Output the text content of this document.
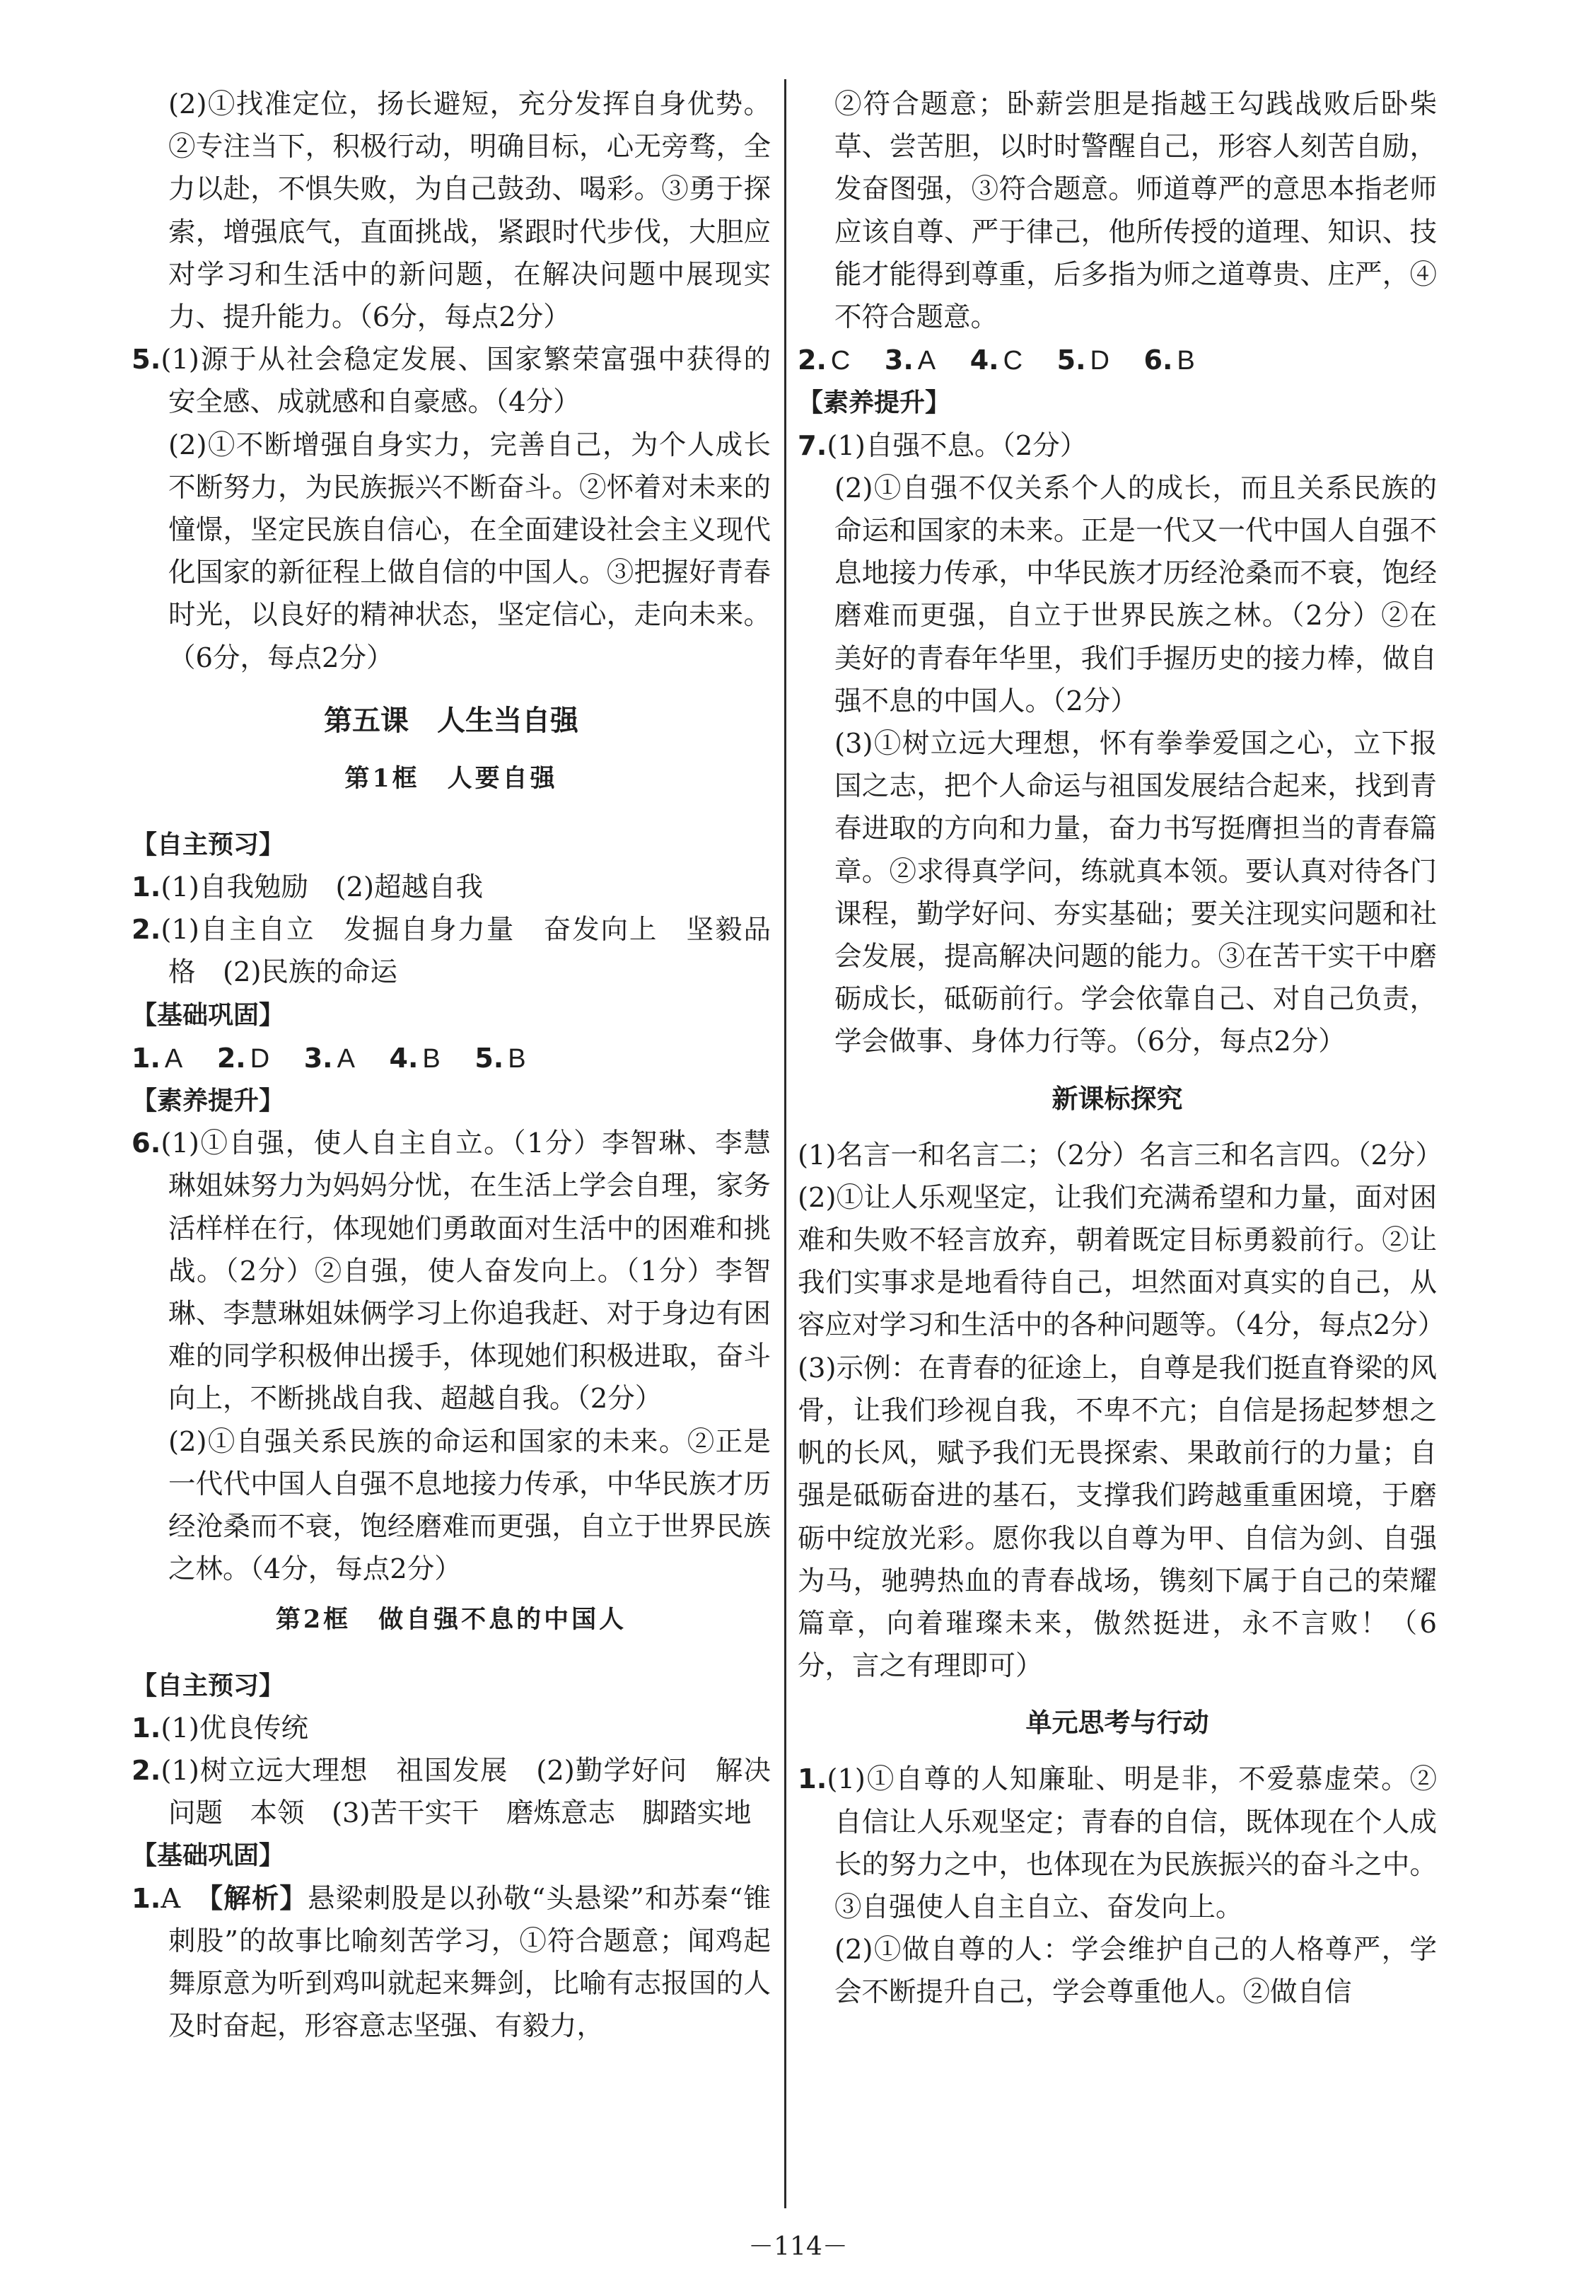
(2)①找准定位，扬长避短，充分发挥自身优势。②专注当下，积极行动，明确目标，心无旁骛，全力以赴，不惧失败，为自己鼓劲、喝彩。③勇于探索，增强底气，直面挑战，紧跟时代步伐，大胆应对学习和生活中的新问题，在解决问题中展现实力、提升能力。（6分，每点2分）

5.(1)源于从社会稳定发展、国家繁荣富强中获得的安全感、成就感和自豪感。（4分）

(2)①不断增强自身实力，完善自己，为个人成长不断努力，为民族振兴不断奋斗。②怀着对未来的憧憬，坚定民族自信心，在全面建设社会主义现代化国家的新征程上做自信的中国人。③把握好青春时光，以良好的精神状态，坚定信心，走向未来。（6分，每点2分）

第五课　人生当自强
第1框　人要自强

【 自主预习 】

1.(1)自我勉励　(2)超越自我

2.(1)自主自立　发掘自身力量　奋发向上　坚毅品格　(2)民族的命运

【 基础巩固 】

1. A 2. D 3. A 4. B 5. B

【 素养提升 】

6.(1)①自强，使人自主自立。（1分）李智琳、李慧琳姐妹努力为妈妈分忧，在生活上学会自理，家务活样样在行，体现她们勇敢面对生活中的困难和挑战。（2分）②自强，使人奋发向上。（1分）李智琳、李慧琳姐妹俩学习上你追我赶、对于身边有困难的同学积极伸出援手，体现她们积极进取，奋斗向上，不断挑战自我、超越自我。（2分）

(2)①自强关系民族的命运和国家的未来。②正是一代代中国人自强不息地接力传承，中华民族才历经沧桑而不衰，饱经磨难而更强，自立于世界民族之林。（4分，每点2分）

第2框　做自强不息的中国人

【 自主预习 】

1.(1)优良传统

2.(1)树立远大理想　祖国发展　(2)勤学好问　解决问题　本领　(3)苦干实干　磨炼意志　脚踏实地

【 基础巩固 】

1.A　 【解析】悬梁刺股是以孙敬“头悬梁”和苏秦“锥刺股”的故事比喻刻苦学习，①符合题意；闻鸡起舞原意为听到鸡叫就起来舞剑，比喻有志报国的人及时奋起，形容意志坚强、有毅力，

②符合题意；卧薪尝胆是指越王勾践战败后卧柴草、尝苦胆，以时时警醒自己，形容人刻苦自励，发奋图强，③符合题意。师道尊严的意思本指老师应该自尊、严于律己，他所传授的道理、知识、技能才能得到尊重，后多指为师之道尊贵、庄严，④不符合题意。

2. C 3. A 4. C 5. D 6. B

【 素养提升 】

7.(1)自强不息。（2分）

(2)①自强不仅关系个人的成长，而且关系民族的命运和国家的未来。正是一代又一代中国人自强不息地接力传承，中华民族才历经沧桑而不衰，饱经磨难而更强，自立于世界民族之林。（2分）②在美好的青春年华里，我们手握历史的接力棒，做自强不息的中国人。（2分）

(3)①树立远大理想，怀有拳拳爱国之心，立下报国之志，把个人命运与祖国发展结合起来，找到青春进取的方向和力量，奋力书写挺膺担当的青春篇章。②求得真学问，练就真本领。要认真对待各门课程，勤学好问、夯实基础；要关注现实问题和社会发展，提高解决问题的能力。③在苦干实干中磨砺成长，砥砺前行。学会依靠自己、对自己负责，学会做事、身体力行等。（6分，每点2分）

新课标探究

(1)名言一和名言二；（2分）名言三和名言四。（2分）

(2)①让人乐观坚定，让我们充满希望和力量，面对困难和失败不轻言放弃，朝着既定目标勇毅前行。②让我们实事求是地看待自己，坦然面对真实的自己，从容应对学习和生活中的各种问题等。（4分，每点2分）

(3)示例：在青春的征途上，自尊是我们挺直脊梁的风骨，让我们珍视自我，不卑不亢；自信是扬起梦想之帆的长风，赋予我们无畏探索、果敢前行的力量；自强是砥砺奋进的基石，支撑我们跨越重重困境，于磨砺中绽放光彩。愿你我以自尊为甲、自信为剑、自强为马，驰骋热血的青春战场，镌刻下属于自己的荣耀篇章，向着璀璨未来，傲然挺进，永不言败！（6分，言之有理即可）

单元思考与行动

1.(1)①自尊的人知廉耻、明是非，不爱慕虚荣。②自信让人乐观坚定；青春的自信，既体现在个人成长的努力之中，也体现在为民族振兴的奋斗之中。③自强使人自主自立、奋发向上。

(2)①做自尊的人：学会维护自己的人格尊严，学会不断提升自己，学会尊重他人。②做自信

－114－
